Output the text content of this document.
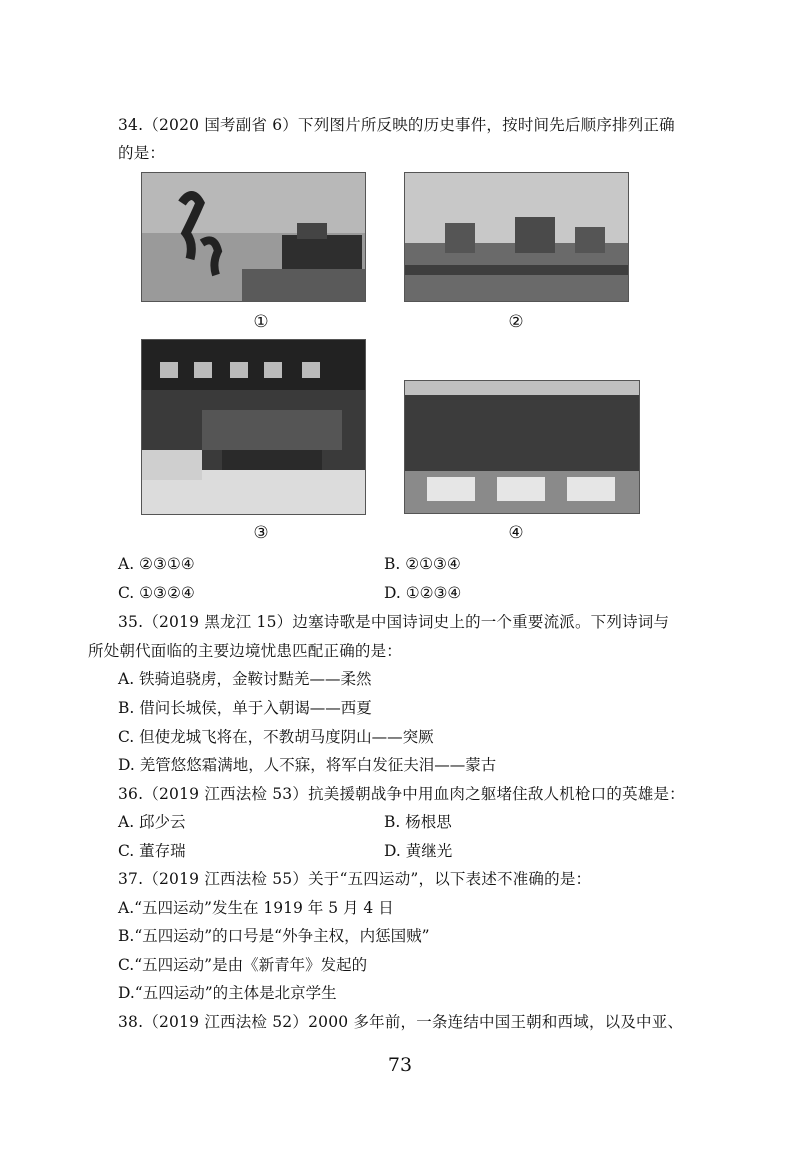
34.（2020 国考副省 6）下列图片所反映的历史事件，按时间先后顺序排列正确
的是：
①	②
③	④
A. ②③①④	B. ②①③④
C. ①③②④	D. ①②③④
35.（2019 黑龙江 15）边塞诗歌是中国诗词史上的一个重要流派。下列诗词与
所处朝代面临的主要边境忧患匹配正确的是：
A. 铁骑追骁虏，金鞍讨黠羌——柔然
B. 借问长城侯，单于入朝谒——西夏
C. 但使龙城飞将在，不教胡马度阴山——突厥
D. 羌管悠悠霜满地，人不寐，将军白发征夫泪——蒙古
36.（2019 江西法检 53）抗美援朝战争中用血肉之躯堵住敌人机枪口的英雄是：
A. 邱少云	B. 杨根思
C. 董存瑞	D. 黄继光
37.（2019 江西法检 55）关于“五四运动”，以下表述不准确的是：
A.“五四运动”发生在 1919 年 5 月 4 日
B.“五四运动”的口号是“外争主权，内惩国贼”
C.“五四运动”是由《新青年》发起的
D.“五四运动”的主体是北京学生
38.（2019 江西法检 52）2000 多年前，一条连结中国王朝和西域，以及中亚、
73
